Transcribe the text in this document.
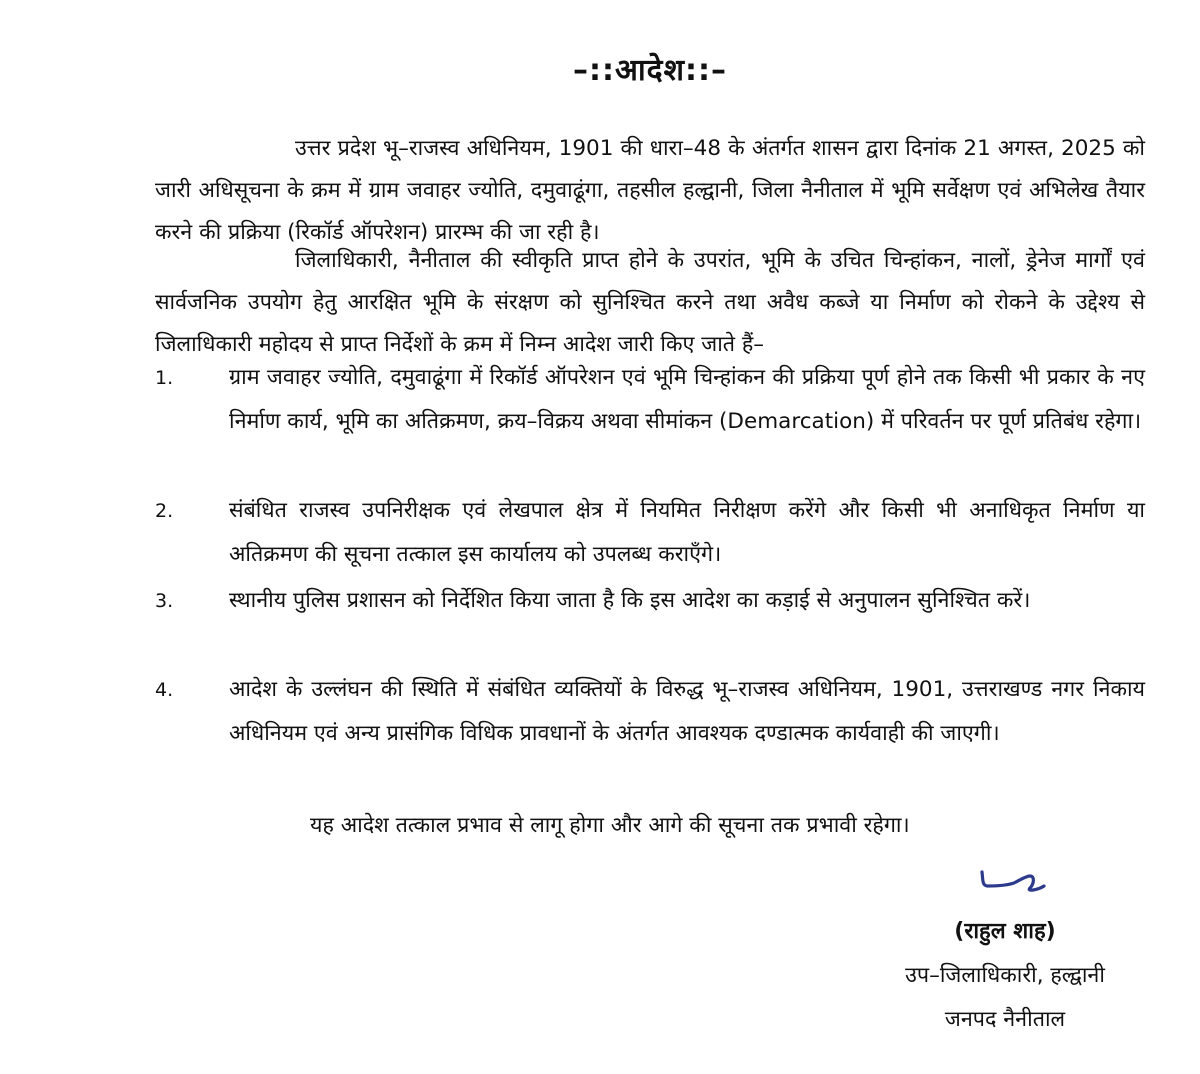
–::आदेश::–

उत्तर प्रदेश भू–राजस्व अधिनियम, 1901 की धारा–48 के अंतर्गत शासन द्वारा दिनांक 21 अगस्त, 2025 को जारी अधिसूचना के क्रम में ग्राम जवाहर ज्योति, दमुवाढूंगा, तहसील हल्द्वानी, जिला नैनीताल में भूमि सर्वेक्षण एवं अभिलेख तैयार करने की प्रक्रिया (रिकॉर्ड ऑपरेशन) प्रारम्भ की जा रही है।

जिलाधिकारी, नैनीताल की स्वीकृति प्राप्त होने के उपरांत, भूमि के उचित चिन्हांकन, नालों, ड्रेनेज मार्गों एवं सार्वजनिक उपयोग हेतु आरक्षित भूमि के संरक्षण को सुनिश्चित करने तथा अवैध कब्जे या निर्माण को रोकने के उद्देश्य से जिलाधिकारी महोदय से प्राप्त निर्देशों के क्रम में निम्न आदेश जारी किए जाते हैं–

1.	ग्राम जवाहर ज्योति, दमुवाढूंगा में रिकॉर्ड ऑपरेशन एवं भूमि चिन्हांकन की प्रक्रिया पूर्ण होने तक किसी भी प्रकार के नए निर्माण कार्य, भूमि का अतिक्रमण, क्रय–विक्रय अथवा सीमांकन (Demarcation) में परिवर्तन पर पूर्ण प्रतिबंध रहेगा।

2.	संबंधित राजस्व उपनिरीक्षक एवं लेखपाल क्षेत्र में नियमित निरीक्षण करेंगे और किसी भी अनाधिकृत निर्माण या अतिक्रमण की सूचना तत्काल इस कार्यालय को उपलब्ध कराएँगे।

3.	स्थानीय पुलिस प्रशासन को निर्देशित किया जाता है कि इस आदेश का कड़ाई से अनुपालन सुनिश्चित करें।

4.	आदेश के उल्लंघन की स्थिति में संबंधित व्यक्तियों के विरुद्ध भू–राजस्व अधिनियम, 1901, उत्तराखण्ड नगर निकाय अधिनियम एवं अन्य प्रासंगिक विधिक प्रावधानों के अंतर्गत आवश्यक दण्डात्मक कार्यवाही की जाएगी।

यह आदेश तत्काल प्रभाव से लागू होगा और आगे की सूचना तक प्रभावी रहेगा।
(राहुल शाह)
उप–जिलाधिकारी, हल्द्वानी
जनपद नैनीताल
